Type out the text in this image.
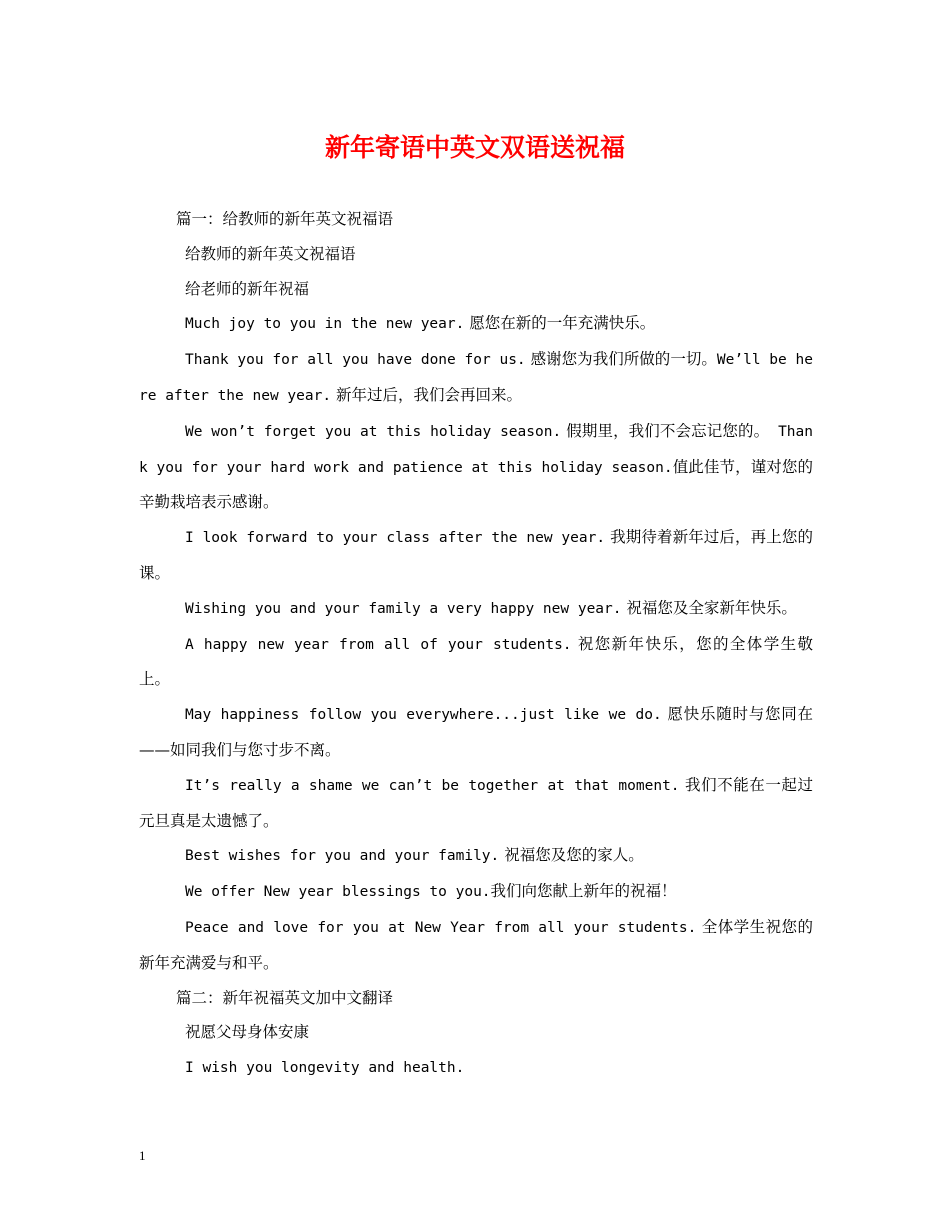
新年寄语中英文双语送祝福

篇一：给教师的新年英文祝福语

给教师的新年英文祝福语

给老师的新年祝福

Much joy to you in the new year. 愿您在新的一年充满快乐。

Thank you for all you have done for us. 感谢您为我们所做的一切。We’ll be here after the new year. 新年过后，我们会再回来。

We won’t forget you at this holiday season. 假期里，我们不会忘记您的。 Thank you for your hard work and patience at this holiday season.值此佳节，谨对您的辛勤栽培表示感谢。

I look forward to your class after the new year. 我期待着新年过后，再上您的课。

Wishing you and your family a very happy new year. 祝福您及全家新年快乐。

A happy new year from all of your students. 祝您新年快乐，您的全体学生敬上。

May happiness follow you everywhere...just like we do. 愿快乐随时与您同在——如同我们与您寸步不离。

It’s really a shame we can’t be together at that moment. 我们不能在一起过元旦真是太遗憾了。

Best wishes for you and your family. 祝福您及您的家人。

We offer New year blessings to you.我们向您献上新年的祝福！

Peace and love for you at New Year from all your students. 全体学生祝您的新年充满爱与和平。

篇二：新年祝福英文加中文翻译

祝愿父母身体安康

I wish you longevity and health.

1
